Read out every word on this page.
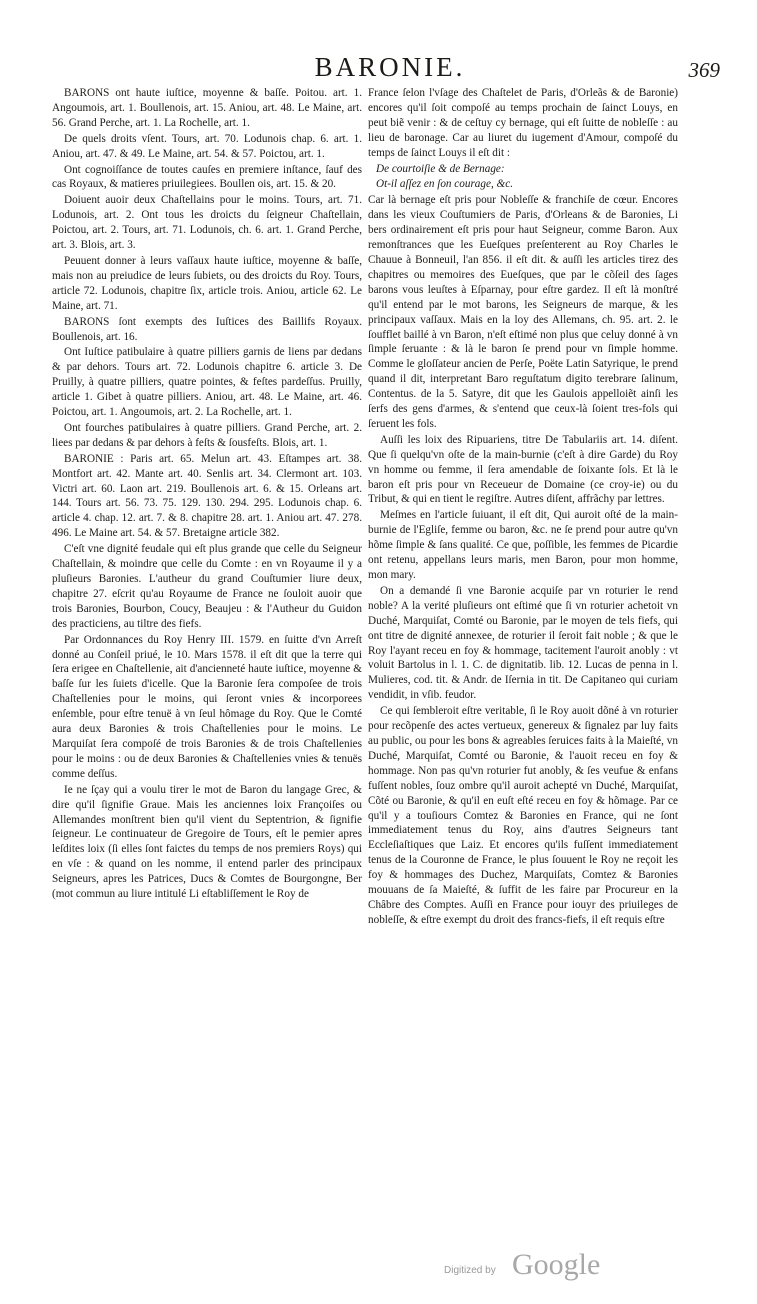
BARONIE.	369

BARONS ont haute iuſtice, moyenne & baſſe. Poitou. art. 1. Angoumois, art. 1. Boullenois, art. 15. Aniou, art. 48. Le Maine, art. 56. Grand Perche, art. 1. La Rochelle, art. 1.

De quels droits vſent. Tours, art. 70. Lodunois chap. 6. art. 1. Aniou, art. 47. & 49. Le Maine, art. 54. & 57. Poictou, art. 1.

Ont cognoiſſance de toutes cauſes en premiere inſtance, ſauf des cas Royaux, & matieres priuilegiees. Boullen ois, art. 15. & 20.

Doiuent auoir deux Chaſtellains pour le moins. Tours, art. 71. Lodunois, art. 2. Ont tous les droicts du ſeigneur Chaſtellain, Poictou, art. 2. Tours, art. 71. Lodunois, ch. 6. art. 1. Grand Perche, art. 3. Blois, art. 3.

Peuuent donner à leurs vaſſaux haute iuſtice, moyenne & baſſe, mais non au preiudice de leurs ſubiets, ou des droicts du Roy. Tours, article 72. Lodunois, chapitre ſix, article trois. Aniou, article 62. Le Maine, art. 71.

BARONS ſont exempts des Iuſtices des Baillifs Royaux. Boullenois, art. 16.

Ont Iuſtice patibulaire à quatre pilliers garnis de liens par dedans & par dehors. Tours art. 72. Lodunois chapitre 6. article 3. De Pruilly, à quatre pilliers, quatre pointes, & feſtes pardeſſus. Pruilly, article 1. Gibet à quatre pilliers. Aniou, art. 48. Le Maine, art. 46. Poictou, art. 1. Angoumois, art. 2. La Rochelle, art. 1.

Ont fourches patibulaires à quatre pilliers. Grand Perche, art. 2. liees par dedans & par dehors à feſts & ſousfeſts. Blois, art. 1.

BARONIE : Paris art. 65. Melun art. 43. Eſtampes art. 38. Montfort art. 42. Mante art. 40. Senlis art. 34. Clermont art. 103. Victri art. 60. Laon art. 219. Boullenois art. 6. & 15. Orleans art. 144. Tours art. 56. 73. 75. 129. 130. 294. 295. Lodunois chap. 6. article 4. chap. 12. art. 7. & 8. chapitre 28. art. 1. Aniou art. 47. 278. 496. Le Maine art. 54. & 57. Bretaigne article 382.

C'eſt vne dignité feudale qui eſt plus grande que celle du Seigneur Chaſtellain, & moindre que celle du Comte : en vn Royaume il y a pluſieurs Baronies. L'autheur du grand Couſtumier liure deux, chapitre 27. eſcrit qu'au Royaume de France ne ſouloit auoir que trois Baronies, Bourbon, Coucy, Beaujeu : & l'Autheur du Guidon des practiciens, au tiltre des fiefs.

Par Ordonnances du Roy Henry III. 1579. en ſuitte d'vn Arreſt donné au Conſeil priué, le 10. Mars 1578. il eſt dit que la terre qui ſera erigee en Chaſtellenie, ait d'ancienneté haute iuſtice, moyenne & baſſe ſur les ſuiets d'icelle. Que la Baronie ſera compoſee de trois Chaſtellenies pour le moins, qui ſeront vnies & incorporees enſemble, pour eſtre tenuë à vn ſeul hômage du Roy. Que le Comté aura deux Baronies & trois Chaſtellenies pour le moins. Le Marquiſat ſera compoſé de trois Baronies & de trois Chaſtellenies pour le moins : ou de deux Baronies & Chaſtellenies vnies & tenuës comme deſſus.

Ie ne ſçay qui a voulu tirer le mot de Baron du langage Grec, & dire qu'il ſignifie Graue. Mais les anciennes loix Françoiſes ou Allemandes monſtrent bien qu'il vient du Septentrion, & ſignifie ſeigneur. Le continuateur de Gregoire de Tours, eſt le pemier apres leſdites loix (ſi elles ſont faictes du temps de nos premiers Roys) qui en vſe : & quand on les nomme, il entend parler des principaux Seigneurs, apres les Patrices, Ducs & Comtes de Bourgongne, Ber (mot commun au liure intitulé Li eſtabliſſement le Roy de

France ſelon l'vſage des Chaſtelet de Paris, d'Orleãs & de Baronie) encores qu'il ſoit compoſé au temps prochain de ſainct Louys, en peut biẽ venir : & de ceſtuy cy bernage, qui eſt ſuitte de nobleſſe : au lieu de baronage. Car au liuret du iugement d'Amour, compoſé du temps de ſainct Louys il eſt dit :

De courtoiſie & de Bernage:

Ot-il aſſez en ſon courage, &c.

Car là bernage eſt pris pour Nobleſſe & franchiſe de cœur. Encores dans les vieux Couſtumiers de Paris, d'Orleans & de Baronies, Li bers ordinairement eſt pris pour haut Seigneur, comme Baron. Aux remonſtrances que les Eueſques preſenterent au Roy Charles le Chauue à Bonneuil, l'an 856. il eſt dit. & auſſi les articles tirez des chapitres ou memoires des Eueſques, que par le cõſeil des ſages barons vous leuſtes à Eſparnay, pour eſtre gardez. Il eſt là monſtré qu'il entend par le mot barons, les Seigneurs de marque, & les principaux vaſſaux. Mais en la loy des Allemans, ch. 95. art. 2. le ſoufflet baillé à vn Baron, n'eſt eſtimé non plus que celuy donné à vn ſimple ſeruante : & là le baron ſe prend pour vn ſimple homme. Comme le gloſſateur ancien de Perſe, Poëte Latin Satyrique, le prend quand il dit, interpretant Baro reguſtatum digito terebrare ſalinum, Contentus. de la 5. Satyre, dit que les Gaulois appelloiẽt ainſi les ſerfs des gens d'armes, & s'entend que ceux-là ſoient tres-fols qui ſeruent les fols.

Auſſi les loix des Ripuariens, titre De Tabulariis art. 14. diſent. Que ſi quelqu'vn oſte de la main-burnie (c'eſt à dire Garde) du Roy vn homme ou femme, il ſera amendable de ſoixante ſols. Et là le baron eſt pris pour vn Receueur de Domaine (ce croy-ie) ou du Tribut, & qui en tient le regiſtre. Autres diſent, affrãchy par lettres.

Meſmes en l'article ſuiuant, il eſt dit, Qui auroit oſté de la main-burnie de l'Egliſe, femme ou baron, &c. ne ſe prend pour autre qu'vn hõme ſimple & ſans qualité. Ce que, poſſible, les femmes de Picardie ont retenu, appellans leurs maris, men Baron, pour mon homme, mon mary.

On a demandé ſi vne Baronie acquiſe par vn roturier le rend noble? A la verité pluſieurs ont eſtimé que ſi vn roturier achetoit vn Duché, Marquiſat, Comté ou Baronie, par le moyen de tels fiefs, qui ont titre de dignité annexee, de roturier il ſeroit fait noble ; & que le Roy l'ayant receu en foy & hommage, tacitement l'auroit anobly : vt voluit Bartolus in l. 1. C. de dignitatib. lib. 12. Lucas de penna in l. Mulieres, cod. tit. & Andr. de Iſernia in tit. De Capitaneo qui curiam vendidit, in vſib. feudor.

Ce qui ſembleroit eſtre veritable, ſi le Roy auoit dõné à vn roturier pour recõpenſe des actes vertueux, genereux & ſignalez par luy faits au public, ou pour les bons & agreables ſeruices faits à la Maieſté, vn Duché, Marquiſat, Comté ou Baronie, & l'auoit receu en foy & hommage. Non pas qu'vn roturier fut anobly, & ſes veufue & enfans fuſſent nobles, ſouz ombre qu'il auroit achepté vn Duché, Marquiſat, Cõté ou Baronie, & qu'il en euſt eſté receu en foy & hõmage. Par ce qu'il y a touſiours Comtez & Baronies en France, qui ne ſont immediatement tenus du Roy, ains d'autres Seigneurs tant Eccleſiaſtiques que Laiz. Et encores qu'ils fuſſent immediatement tenus de la Couronne de France, le plus ſouuent le Roy ne reçoit les foy & hommages des Duchez, Marquiſats, Comtez & Baronies mouuans de ſa Maieſté, & ſuffit de les faire par Procureur en la Châbre des Comptes. Auſſi en France pour iouyr des priuileges de nobleſſe, & eſtre exempt du droit des francs-fiefs, il eſt requis eſtre

Digitized by Google
